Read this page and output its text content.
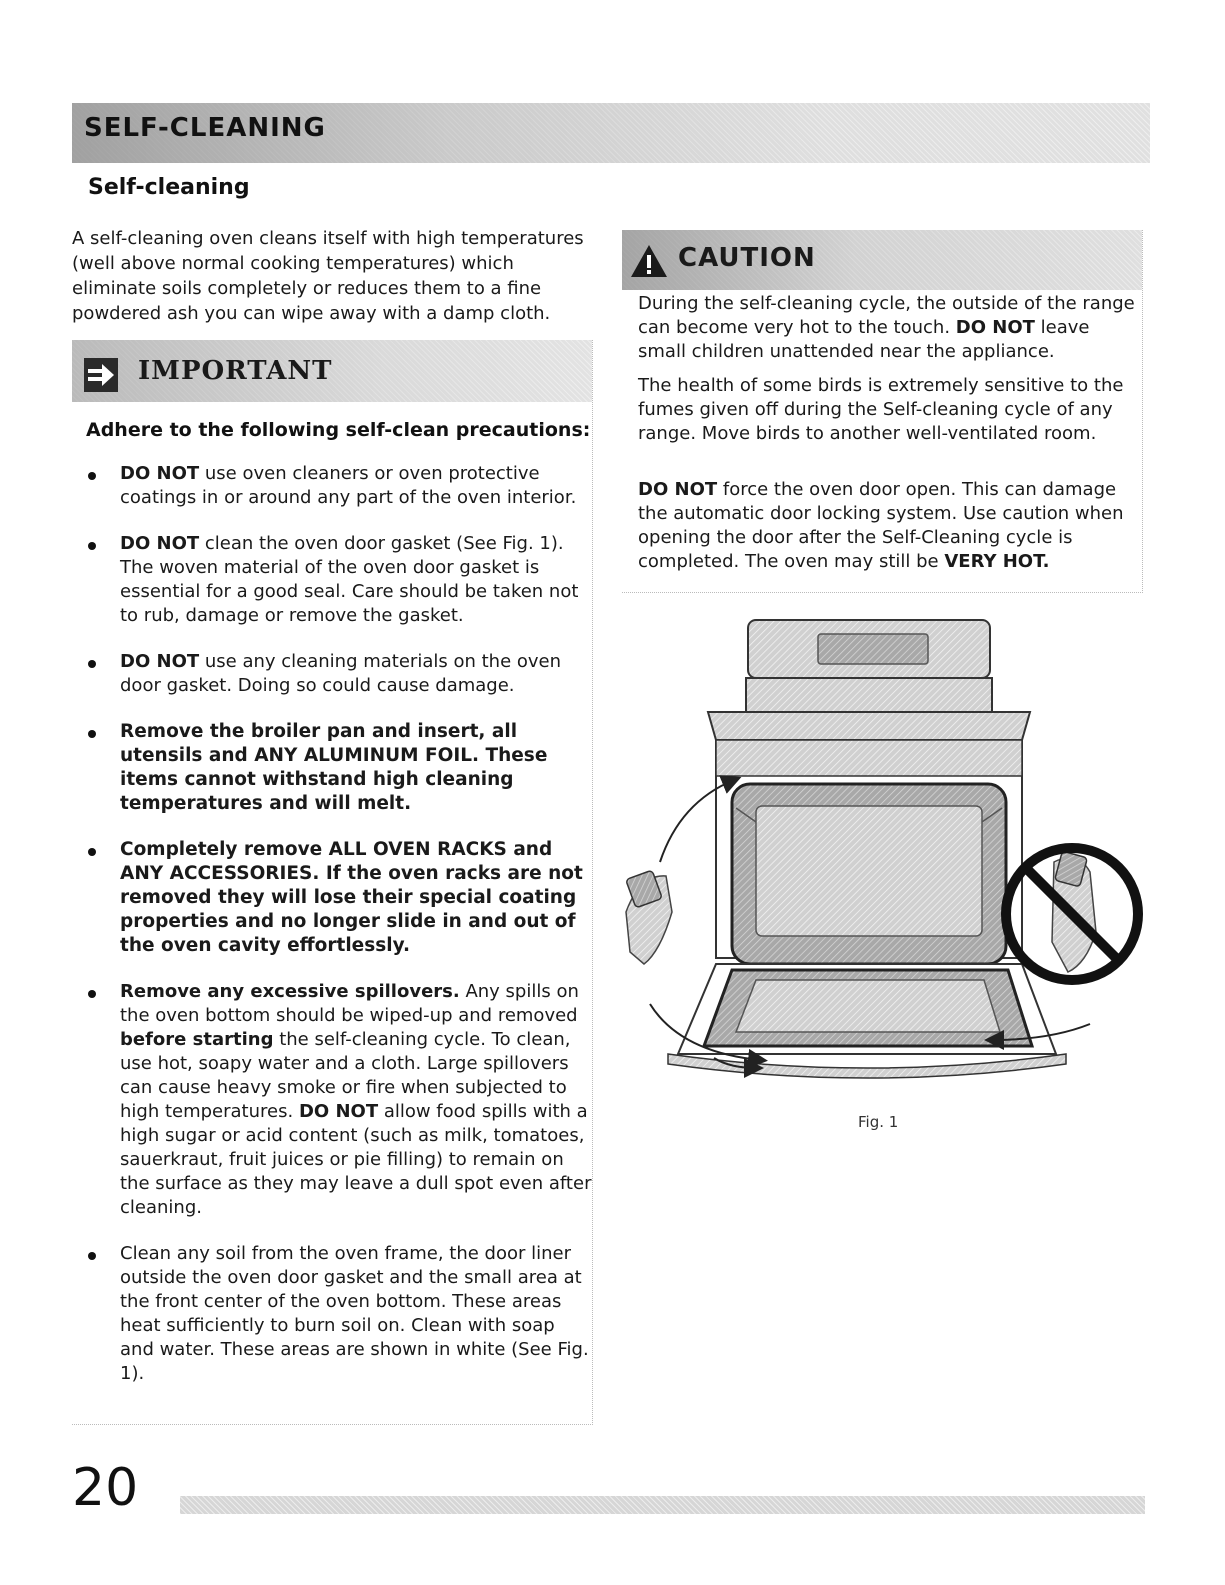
SELF-CLEANING
Self-cleaning
A self-cleaning oven cleans itself with high temperatures (well above normal cooking temperatures) which eliminate soils completely or reduces them to a fine powdered ash you can wipe away with a damp cloth.
IMPORTANT
Adhere to the following self-clean precautions:
DO NOT use oven cleaners or oven protective coatings in or around any part of the oven interior.
DO NOT clean the oven door gasket (See Fig. 1). The woven material of the oven door gasket is essential for a good seal. Care should be taken not to rub, damage or remove the gasket.
DO NOT use any cleaning materials on the oven door gasket. Doing so could cause damage.
Remove the broiler pan and insert, all utensils and ANY ALUMINUM FOIL. These items cannot withstand high cleaning temperatures and will melt.
Completely remove ALL OVEN RACKS and ANY ACCESSORIES. If the oven racks are not removed they will lose their special coating properties and no longer slide in and out of the oven cavity effortlessly.
Remove any excessive spillovers. Any spills on the oven bottom should be wiped-up and removed before starting the self-cleaning cycle. To clean, use hot, soapy water and a cloth. Large spillovers can cause heavy smoke or fire when subjected to high temperatures. DO NOT allow food spills with a high sugar or acid content (such as milk, tomatoes, sauerkraut, fruit juices or pie filling) to remain on the surface as they may leave a dull spot even after cleaning.
Clean any soil from the oven frame, the door liner outside the oven door gasket and the small area at the front center of the oven bottom. These areas heat sufficiently to burn soil on. Clean with soap and water. These areas are shown in white (See Fig. 1).
CAUTION

During the self-cleaning cycle, the outside of the range can become very hot to the touch. DO NOT leave small children unattended near the appliance.

The health of some birds is extremely sensitive to the fumes given off during the Self-cleaning cycle of any range. Move birds to another well-ventilated room.

DO NOT force the oven door open. This can damage the automatic door locking system. Use caution when opening the door after the Self-Cleaning cycle is completed. The oven may still be VERY HOT.

Fig. 1
20
